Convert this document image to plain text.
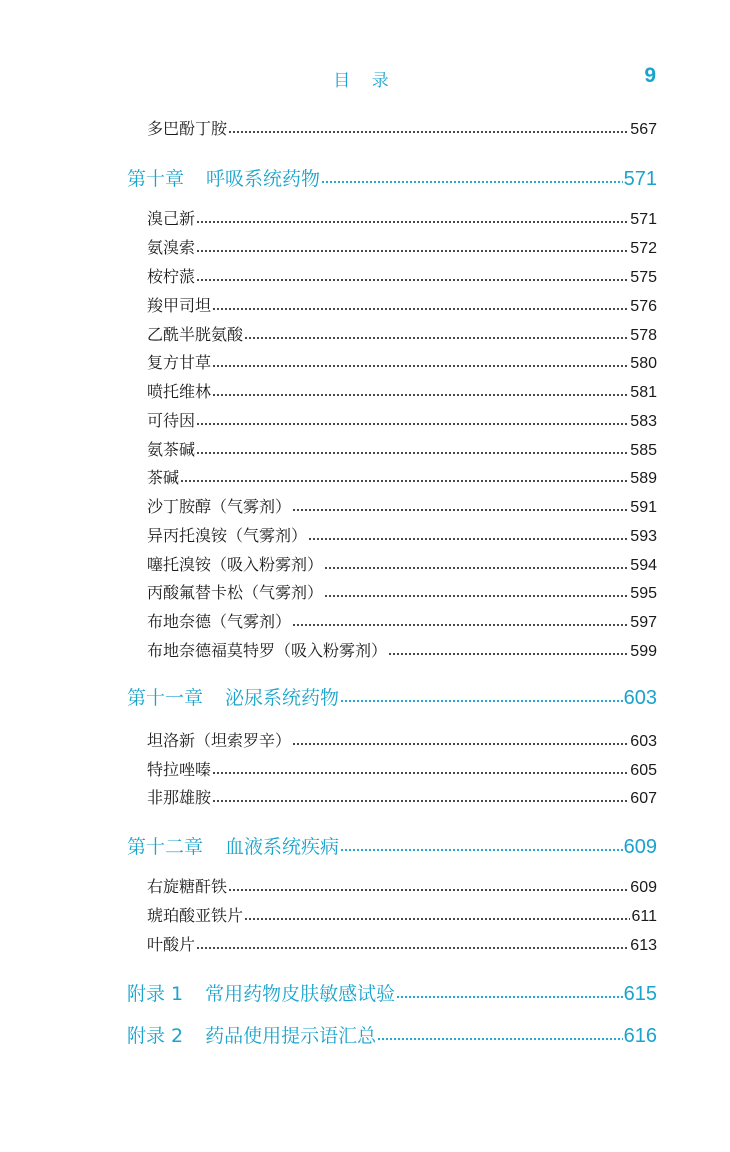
目 录	9
多巴酚丁胺	567
第十章 呼吸系统药物	571
溴己新	571
氨溴索	572
桉柠蒎	575
羧甲司坦	576
乙酰半胱氨酸	578
复方甘草	580
喷托维林	581
可待因	583
氨茶碱	585
茶碱	589
沙丁胺醇（气雾剂）	591
异丙托溴铵（气雾剂）	593
噻托溴铵（吸入粉雾剂）	594
丙酸氟替卡松（气雾剂）	595
布地奈德（气雾剂）	597
布地奈德福莫特罗（吸入粉雾剂）	599
第十一章 泌尿系统药物	603
坦洛新（坦索罗辛）	603
特拉唑嗪	605
非那雄胺	607
第十二章 血液系统疾病	609
右旋糖酐铁	609
琥珀酸亚铁片	611
叶酸片	613
附录 1 常用药物皮肤敏感试验	615
附录 2 药品使用提示语汇总	616
